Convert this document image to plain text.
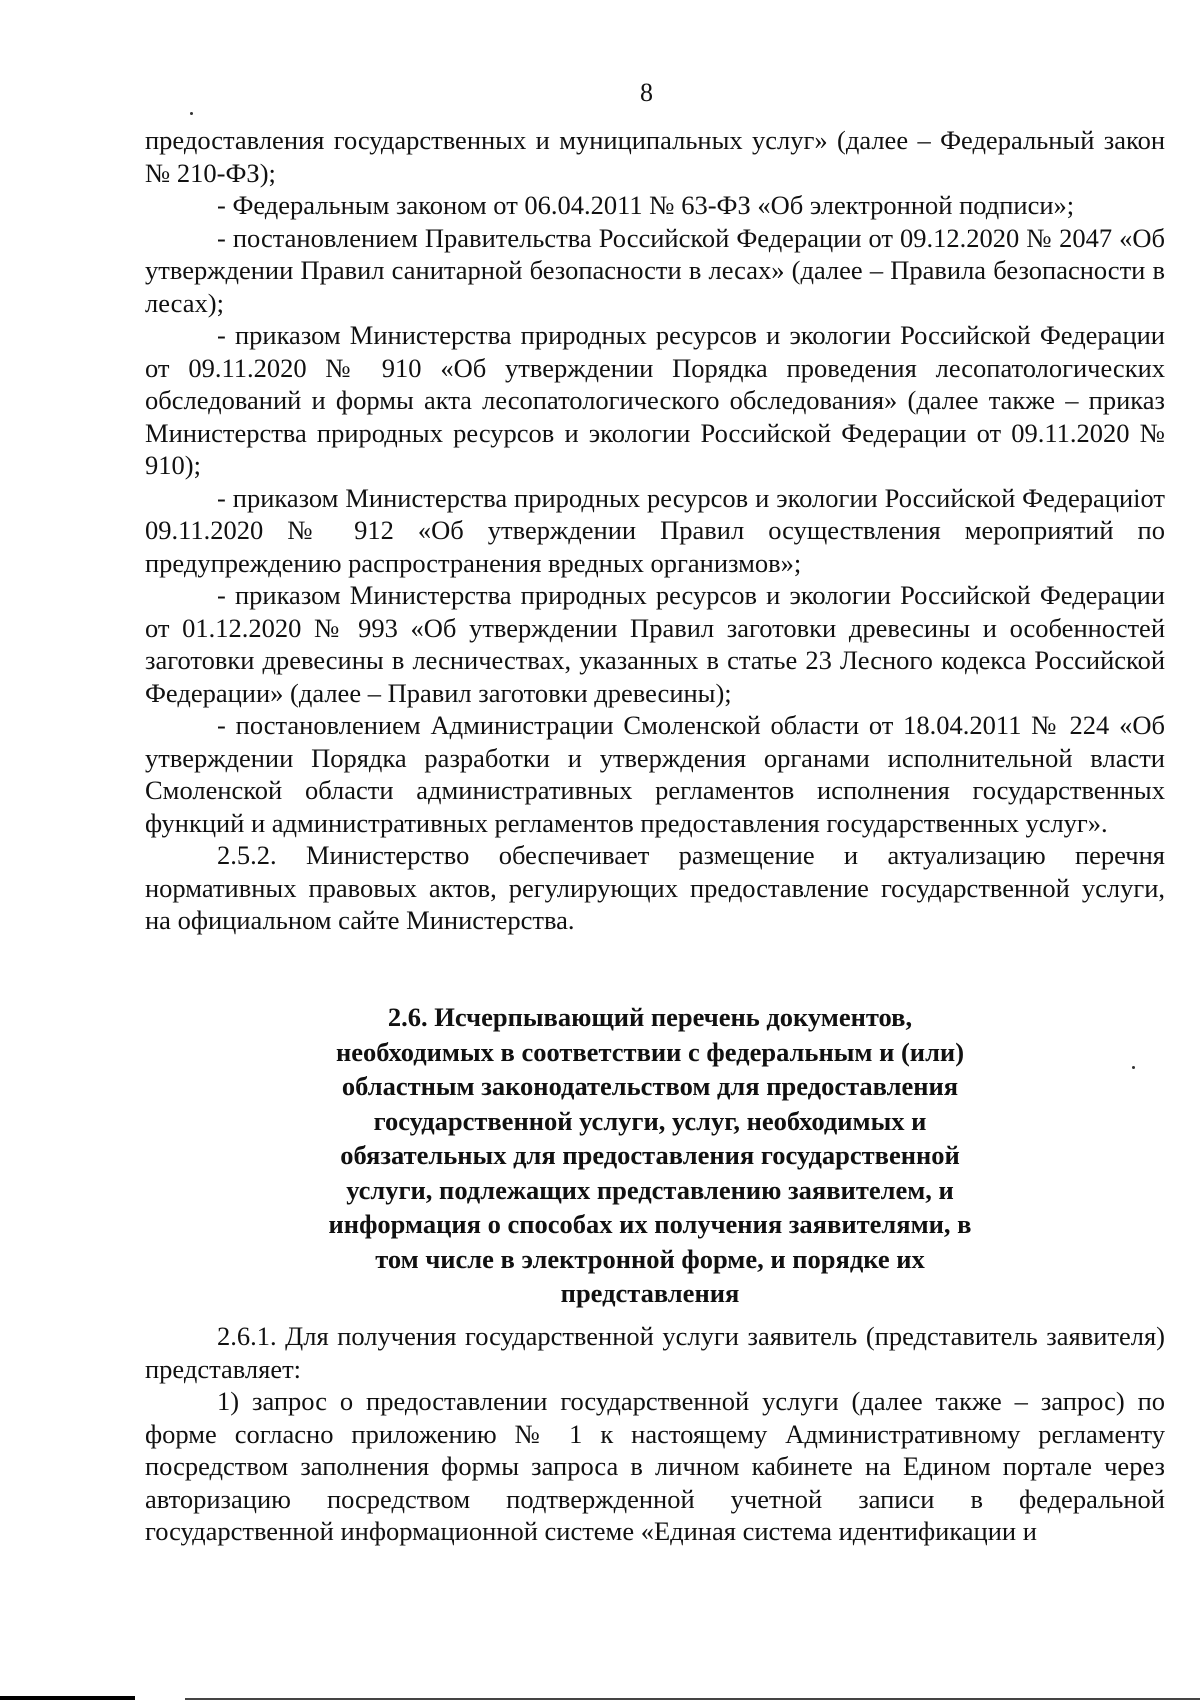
8

предоставления государственных и муниципальных услуг» (далее – Федеральный закон № 210-ФЗ);

- Федеральным законом от 06.04.2011 № 63-ФЗ «Об электронной подписи»;

- постановлением Правительства Российской Федерации от 09.12.2020 № 2047 «Об утверждении Правил санитарной безопасности в лесах» (далее – Правила безопасности в лесах);

- приказом Министерства природных ресурсов и экологии Российской Федерации от 09.11.2020 № 910 «Об утверждении Порядка проведения лесопатологических обследований и формы акта лесопатологического обследования» (далее также – приказ Министерства природных ресурсов и экологии Российской Федерации от 09.11.2020 № 910);

- приказом Министерства природных ресурсов и экологии Российской Федерациiот 09.11.2020 № 912 «Об утверждении Правил осуществления мероприятий по предупреждению распространения вредных организмов»;

- приказом Министерства природных ресурсов и экологии Российской Федерации от 01.12.2020 № 993 «Об утверждении Правил заготовки древесины и особенностей заготовки древесины в лесничествах, указанных в статье 23 Лесного кодекса Российской Федерации» (далее – Правил заготовки древесины);

- постановлением Администрации Смоленской области от 18.04.2011 № 224 «Об утверждении Порядка разработки и утверждения органами исполнительной власти Смоленской области административных регламентов исполнения государственных функций и административных регламентов предоставления государственных услуг».

2.5.2. Министерство обеспечивает размещение и актуализацию перечня нормативных правовых актов, регулирующих предоставление государственной услуги, на официальном сайте Министерства.

2.6. Исчерпывающий перечень документов,
необходимых в соответствии с федеральным и (или)
областным законодательством для предоставления
государственной услуги, услуг, необходимых и
обязательных для предоставления государственной
услуги, подлежащих представлению заявителем, и
информация о способах их получения заявителями, в
том числе в электронной форме, и порядке их
представления

2.6.1. Для получения государственной услуги заявитель (представитель заявителя) представляет:

1) запрос о предоставлении государственной услуги (далее также – запрос) по форме согласно приложению № 1 к настоящему Административному регламенту посредством заполнения формы запроса в личном кабинете на Едином портале через авторизацию посредством подтвержденной учетной записи в федеральной государственной информационной системе «Единая система идентификации и
